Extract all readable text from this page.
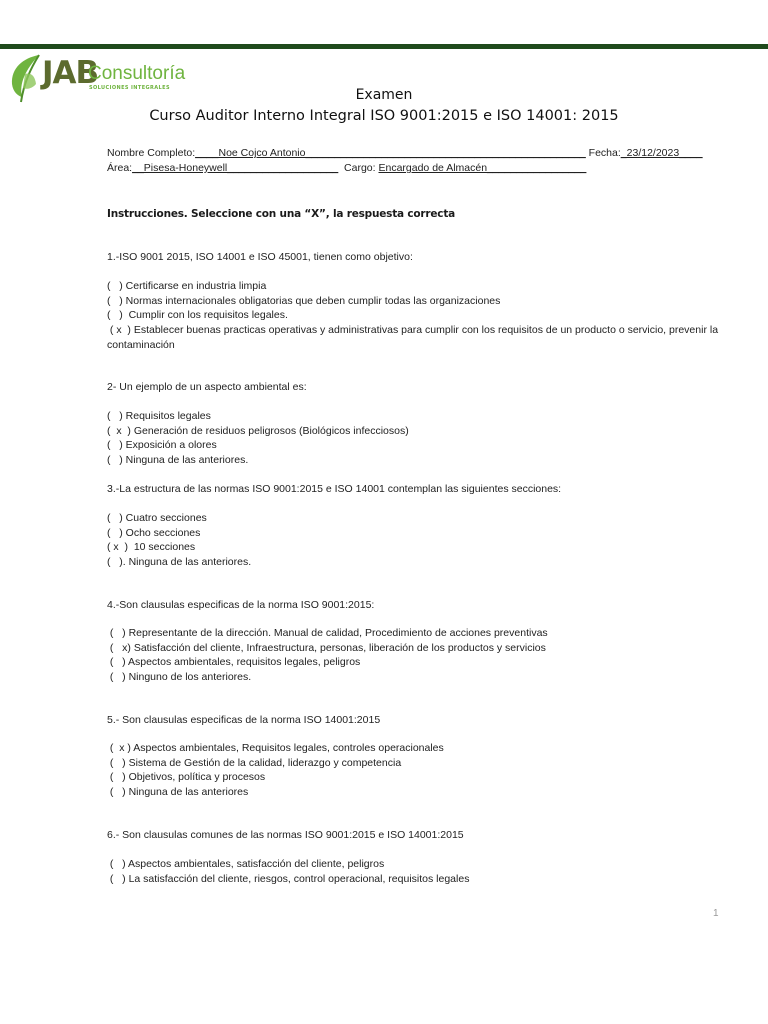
JAB
Consultoría
SOLUCIONES INTEGRALES	Examen
Curso Auditor Interno Integral ISO 9001:2015 e ISO 14001: 2015
Nombre Completo:____Noe Cojco Antonio________________________________________________ Fecha:_23/12/2023____
Área:__Pisesa-Honeywell___________________  Cargo: Encargado de Almacén_________________
Instrucciones. Seleccione con una “X”, la respuesta correcta
1.-ISO 9001 2015, ISO 14001 e ISO 45001, tienen como objetivo:
(   ) Certificarse en industria limpia
(   ) Normas internacionales obligatorias que deben cumplir todas las organizaciones
(   )  Cumplir con los requisitos legales.
( x  ) Establecer buenas practicas operativas y administrativas para cumplir con los requisitos de un producto o servicio, prevenir la contaminación
2- Un ejemplo de un aspecto ambiental es:
(   ) Requisitos legales
(  x  ) Generación de residuos peligrosos (Biológicos infecciosos)
(   ) Exposición a olores
(   ) Ninguna de las anteriores.
3.-La estructura de las normas ISO 9001:2015 e ISO 14001 contemplan las siguientes secciones:
(   ) Cuatro secciones
(   ) Ocho secciones
( x  )  10 secciones
(   ). Ninguna de las anteriores.
4.-Son clausulas especificas de la norma ISO 9001:2015:
(   ) Representante de la dirección. Manual de calidad, Procedimiento de acciones preventivas
(   x) Satisfacción del cliente, Infraestructura, personas, liberación de los productos y servicios
(   ) Aspectos ambientales, requisitos legales, peligros
(   ) Ninguno de los anteriores.
5.- Son clausulas especificas de la norma ISO 14001:2015
(  x ) Aspectos ambientales, Requisitos legales, controles operacionales
(   ) Sistema de Gestión de la calidad, liderazgo y competencia
(   ) Objetivos, política y procesos
(   ) Ninguna de las anteriores
6.- Son clausulas comunes de las normas ISO 9001:2015 e ISO 14001:2015
(   ) Aspectos ambientales, satisfacción del cliente, peligros
(   ) La satisfacción del cliente, riesgos, control operacional, requisitos legales
1
